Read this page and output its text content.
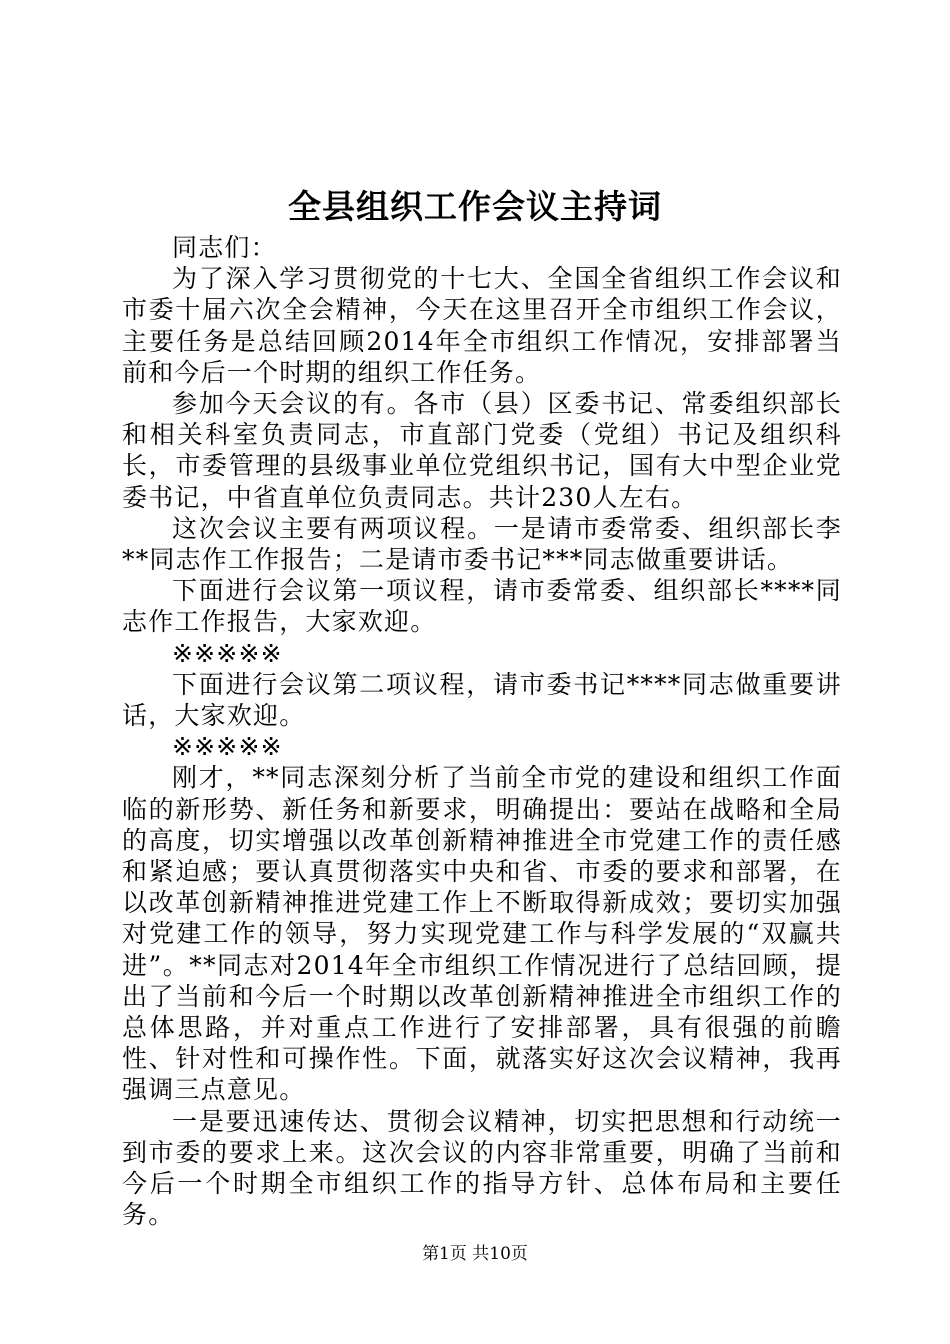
全县组织工作会议主持词

同志们：

为了深入学习贯彻党的十七大、全国全省组织工作会议和市委十届六次全会精神，今天在这里召开全市组织工作会议，主要任务是总结回顾2014年全市组织工作情况，安排部署当前和今后一个时期的组织工作任务。

参加今天会议的有。各市（县）区委书记、常委组织部长和相关科室负责同志，市直部门党委（党组）书记及组织科长，市委管理的县级事业单位党组织书记，国有大中型企业党委书记，中省直单位负责同志。共计230人左右。

这次会议主要有两项议程。一是请市委常委、组织部长李**同志作工作报告；二是请市委书记***同志做重要讲话。

下面进行会议第一项议程，请市委常委、组织部长****同志作工作报告，大家欢迎。

※※※※※

下面进行会议第二项议程，请市委书记****同志做重要讲话，大家欢迎。

※※※※※

刚才，**同志深刻分析了当前全市党的建设和组织工作面临的新形势、新任务和新要求，明确提出：要站在战略和全局的高度，切实增强以改革创新精神推进全市党建工作的责任感和紧迫感；要认真贯彻落实中央和省、市委的要求和部署，在以改革创新精神推进党建工作上不断取得新成效；要切实加强对党建工作的领导，努力实现党建工作与科学发展的“双赢共进”。**同志对2014年全市组织工作情况进行了总结回顾，提出了当前和今后一个时期以改革创新精神推进全市组织工作的总体思路，并对重点工作进行了安排部署，具有很强的前瞻性、针对性和可操作性。下面，就落实好这次会议精神，我再强调三点意见。

一是要迅速传达、贯彻会议精神，切实把思想和行动统一到市委的要求上来。这次会议的内容非常重要，明确了当前和今后一个时期全市组织工作的指导方针、总体布局和主要任务。

第1页 共10页
